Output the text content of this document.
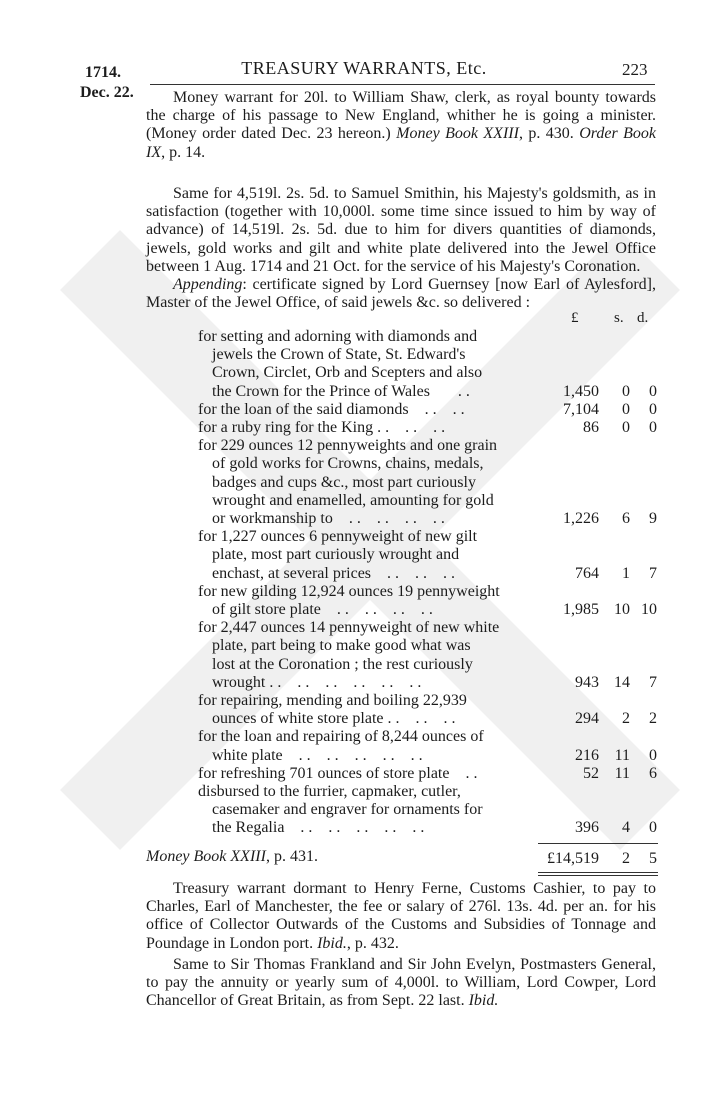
1714.	TREASURY WARRANTS, Etc.	223
Dec. 22.	Money warrant for 20l. to William Shaw, clerk, as royal bounty towards the charge of his passage to New England, whither he is going a minister. (Money order dated Dec. 23 hereon.) Money Book XXIII, p. 430. Order Book IX, p. 14.
Same for 4,519l. 2s. 5d. to Samuel Smithin, his Majesty's goldsmith, as in satisfaction (together with 10,000l. some time since issued to him by way of advance) of 14,519l. 2s. 5d. due to him for divers quantities of diamonds, jewels, gold works and gilt and white plate delivered into the Jewel Office between 1 Aug. 1714 and 21 Oct. for the service of his Majesty's Coronation.
Appending: certificate signed by Lord Guernsey [now Earl of Aylesford], Master of the Jewel Office, of said jewels &c. so delivered :
£ s. d.
for setting and adorning with diamonds and
jewels the Crown of State, St. Edward's
Crown, Circlet, Orb and Scepters and also
the Crown for the Prince of Wales       . .	1,450	0	0
for the loan of the said diamonds    . .    . .	7,104	0	0
for a ruby ring for the King . .    . .    . .	86	0	0
for 229 ounces 12 pennyweights and one grain
of gold works for Crowns, chains, medals,
badges and cups &c., most part curiously
wrought and enamelled, amounting for gold
or workmanship to    . .    . .    . .    . .	1,226	6	9
for 1,227 ounces 6 pennyweight of new gilt
plate, most part curiously wrought and
enchast, at several prices    . .    . .    . .	764	1	7
for new gilding 12,924 ounces 19 pennyweight
of gilt store plate    . .    . .    . .    . .	1,985 10 10
for 2,447 ounces 14 pennyweight of new white
plate, part being to make good what was
lost at the Coronation ; the rest curiously
wrought . .    . .    . .    . .    . .    . .	943 14	7
for repairing, mending and boiling 22,939
ounces of white store plate . .    . .    . .	294	2	2
for the loan and repairing of 8,244 ounces of
white plate    . .    . .    . .    . .    . .	216 11	0
for refreshing 701 ounces of store plate    . .	52 11	6
disbursed to the furrier, capmaker, cutler,
casemaker and engraver for ornaments for
the Regalia    . .    . .    . .    . .    . .	396	4	0
£14,519	2	5
Money Book XXIII, p. 431.
Treasury warrant dormant to Henry Ferne, Customs Cashier, to pay to Charles, Earl of Manchester, the fee or salary of 276l. 13s. 4d. per an. for his office of Collector Outwards of the Customs and Subsidies of Tonnage and Poundage in London port. Ibid., p. 432.
Same to Sir Thomas Frankland and Sir John Evelyn, Postmasters General, to pay the annuity or yearly sum of 4,000l. to William, Lord Cowper, Lord Chancellor of Great Britain, as from Sept. 22 last. Ibid.
